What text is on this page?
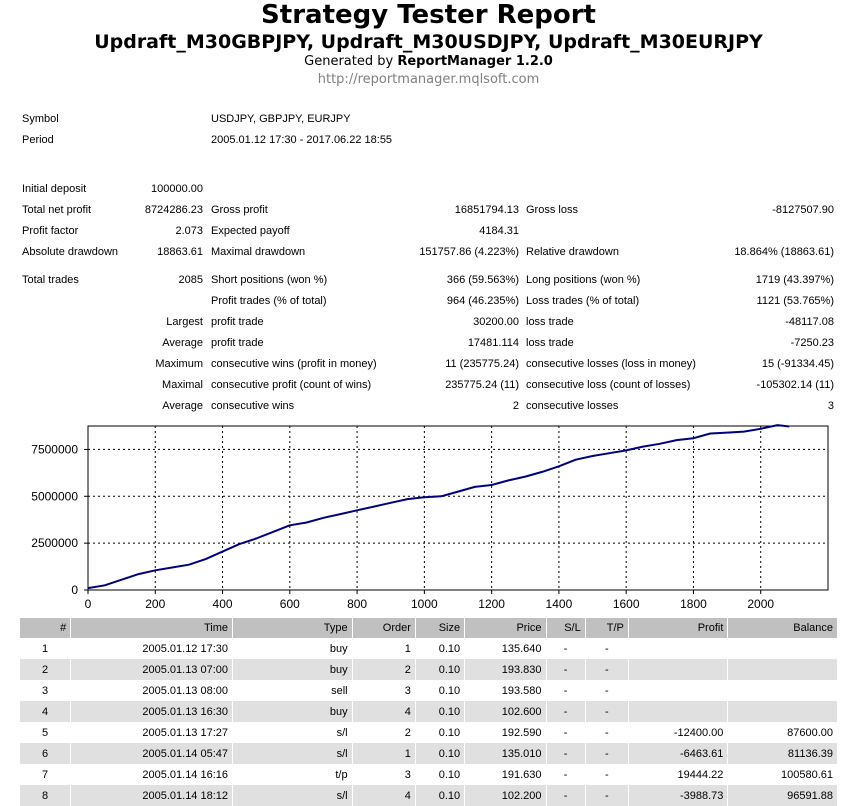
Strategy Tester Report
Updraft_M30GBPJPY, Updraft_M30USDJPY, Updraft_M30EURJPY
Generated by ReportManager 1.2.0
http://reportmanager.mqlsoft.com
Symbol	USDJPY, GBPJPY, EURJPY
Period	2005.01.12 17:30 - 2017.06.22 18:55
Initial deposit	100000.00
Total net profit	8724286.23 Gross profit	16851794.13 Gross loss	-8127507.90
Profit factor	2.073 Expected payoff	4184.31
Absolute drawdown	18863.61 Maximal drawdown	151757.86 (4.223%) Relative drawdown	18.864% (18863.61)
Total trades	2085 Short positions (won %)	366 (59.563%) Long positions (won %)	1719 (43.397%)
Profit trades (% of total)	964 (46.235%) Loss trades (% of total)	1121 (53.765%)
Largest profit trade	30200.00 loss trade	-48117.08
Average profit trade	17481.114 loss trade	-7250.23
Maximum consecutive wins (profit in money)	11 (235775.24) consecutive losses (loss in money)	15 (-91334.45)
Maximal consecutive profit (count of wins)	235775.24 (11) consecutive loss (count of losses)	-105302.14 (11)
Average consecutive wins	2 consecutive losses	3
0	200	400	600	800	1000	1200	1400	1600	1800	2000
0
2500000
5000000
7500000
#	Time	Type	Order	Size	Price	S/L	T/P	Profit	Balance
1	2005.01.12 17:30	buy	1	0.10	135.640	-	-		
2	2005.01.13 07:00	buy	2	0.10	193.830	-	-		
3	2005.01.13 08:00	sell	3	0.10	193.580	-	-		
4	2005.01.13 16:30	buy	4	0.10	102.600	-	-		
5	2005.01.13 17:27	s/l	2	0.10	192.590	-	-	-12400.00	87600.00
6	2005.01.14 05:47	s/l	1	0.10	135.010	-	-	-6463.61	81136.39
7	2005.01.14 16:16	t/p	3	0.10	191.630	-	-	19444.22	100580.61
8	2005.01.14 18:12	s/l	4	0.10	102.200	-	-	-3988.73	96591.88
